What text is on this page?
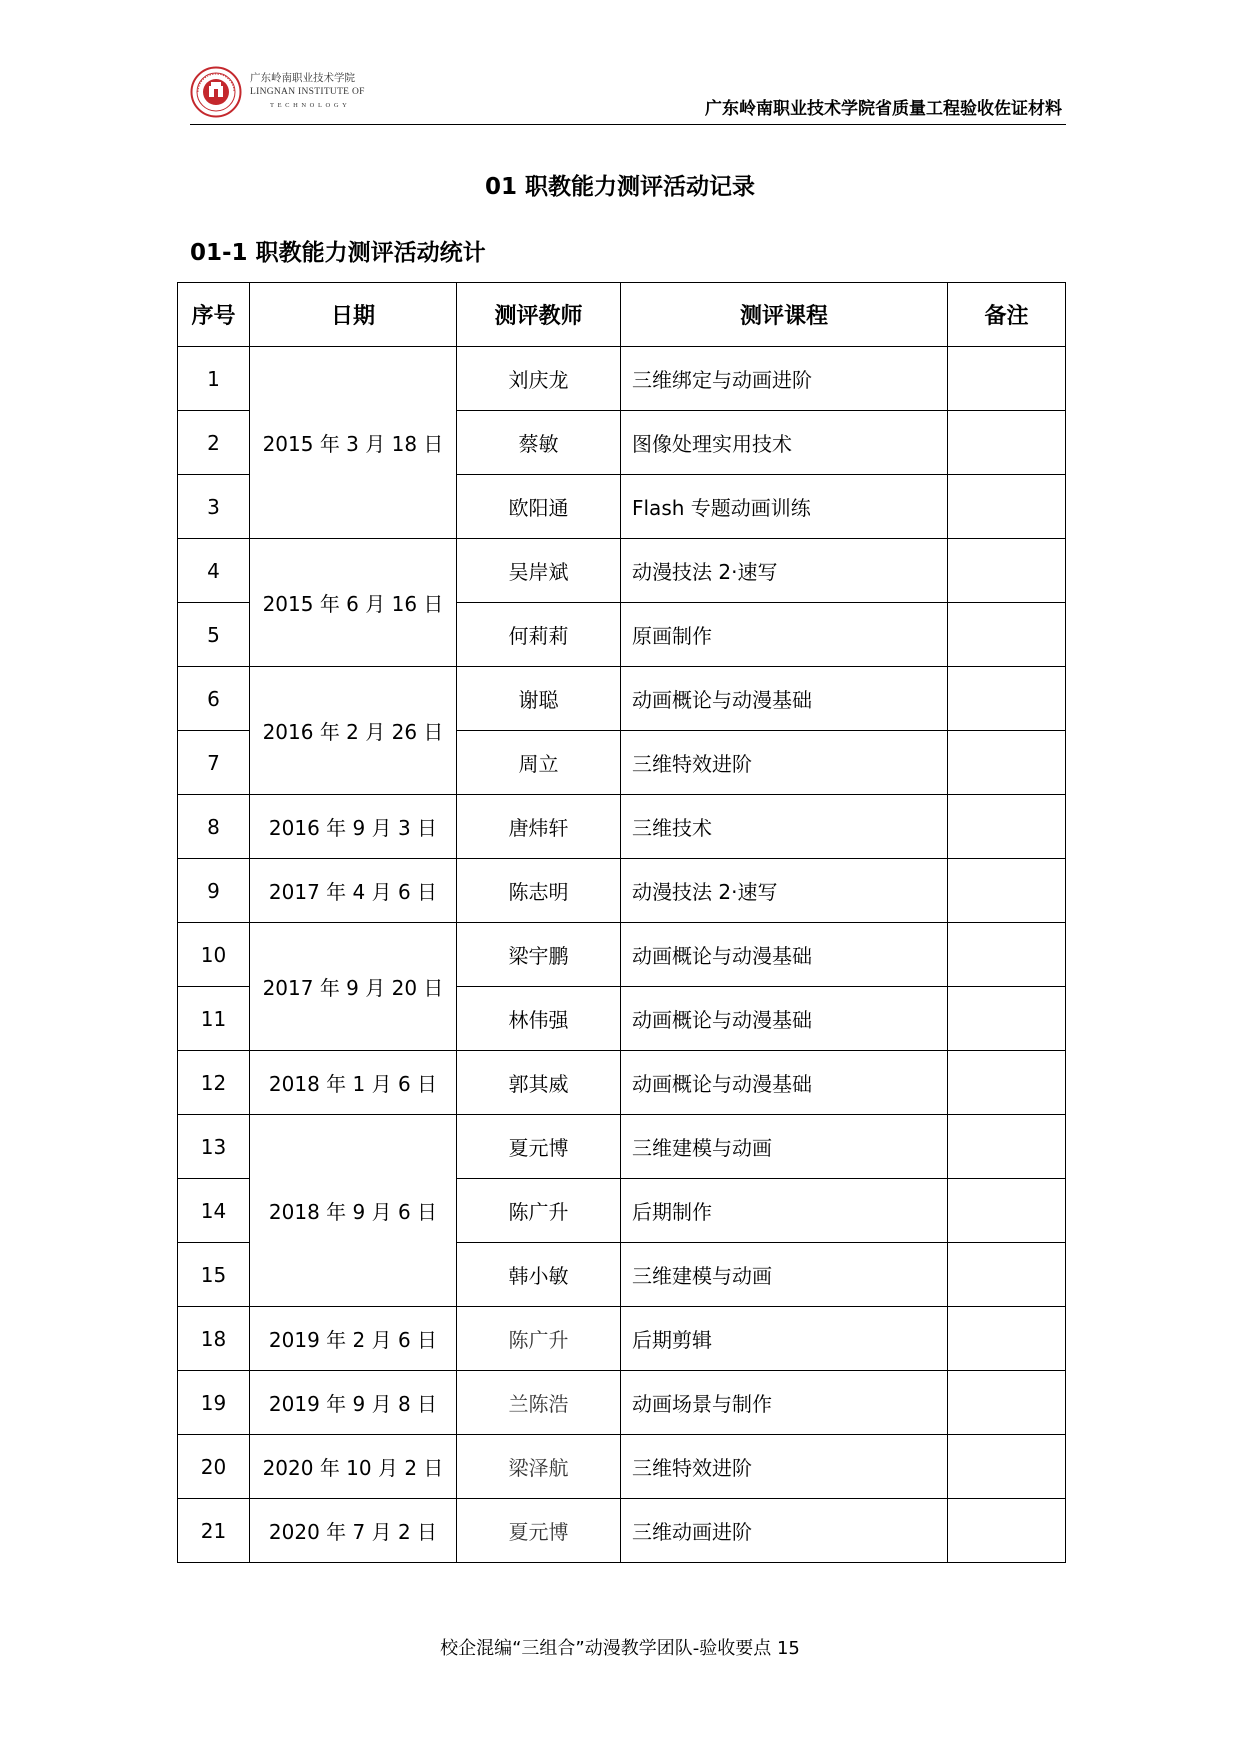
广东岭南职业技术学院
LINGNAN INSTITUTE OF
TECHNOLOGY	广东岭南职业技术学院省质量工程验收佐证材料
01 职教能力测评活动记录
01-1 职教能力测评活动统计
序号	日期	测评教师	测评课程	备注
1	2015 年 3 月 18 日	刘庆龙	三维绑定与动画进阶	
2		蔡敏	图像处理实用技术	
3		欧阳通	Flash 专题动画训练	
4	2015 年 6 月 16 日	吴岸斌	动漫技法 2·速写	
5		何莉莉	原画制作	
6	2016 年 2 月 26 日	谢聪	动画概论与动漫基础	
7		周立	三维特效进阶	
8	2016 年 9 月 3 日	唐炜轩	三维技术	
9	2017 年 4 月 6 日	陈志明	动漫技法 2·速写	
10	2017 年 9 月 20 日	梁宇鹏	动画概论与动漫基础	
11		林伟强	动画概论与动漫基础	
12	2018 年 1 月 6 日	郭其威	动画概论与动漫基础	
13	2018 年 9 月 6 日	夏元博	三维建模与动画	
14		陈广升	后期制作	
15		韩小敏	三维建模与动画	
18	2019 年 2 月 6 日	陈广升	后期剪辑	
19	2019 年 9 月 8 日	兰陈浩	动画场景与制作	
20	2020 年 10 月 2 日	梁泽航	三维特效进阶	
21	2020 年 7 月 2 日	夏元博	三维动画进阶	
校企混编“三组合”动漫教学团队-验收要点 15
